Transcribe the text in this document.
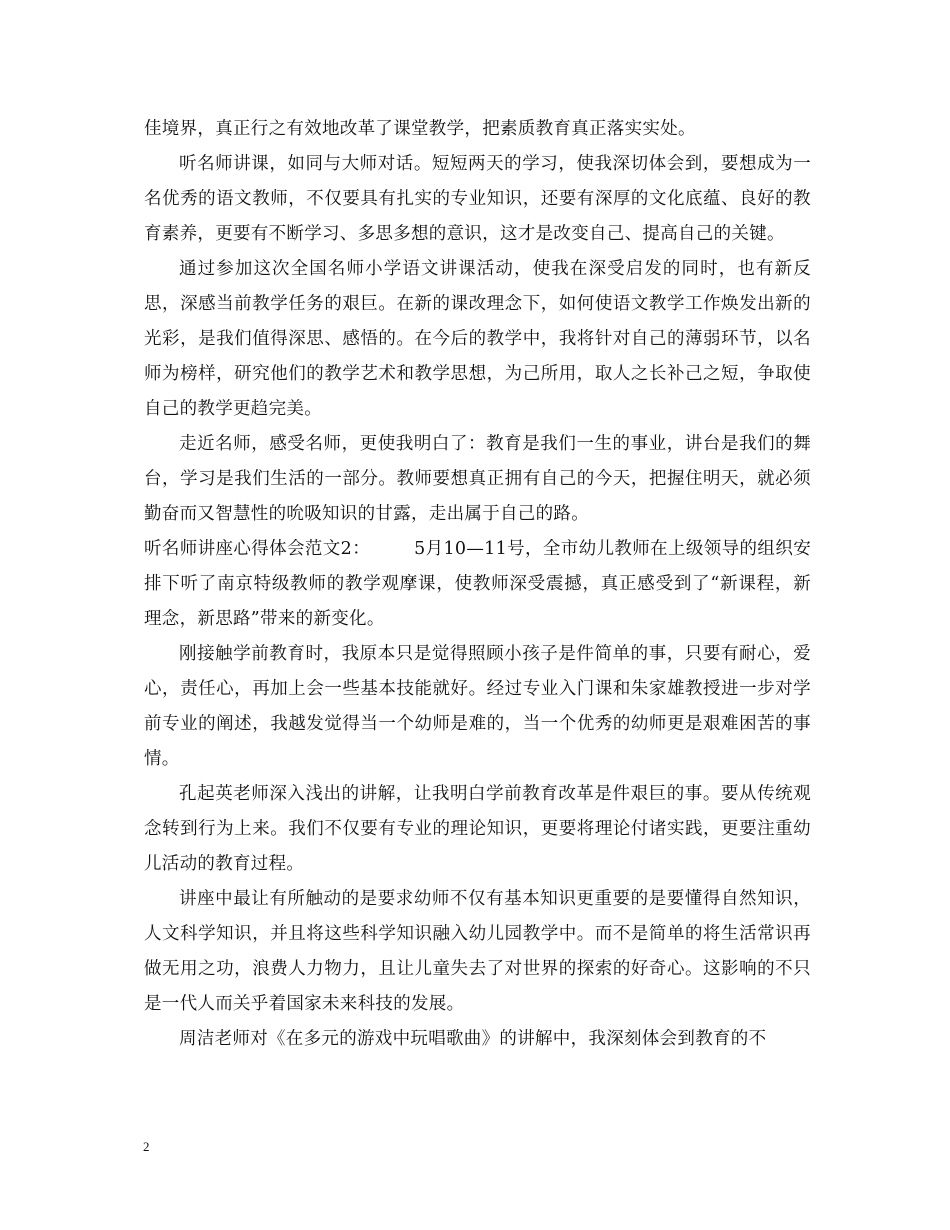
佳境界，真正行之有效地改革了课堂教学，把素质教育真正落实实处。

听名师讲课，如同与大师对话。短短两天的学习，使我深切体会到，要想成为一名优秀的语文教师，不仅要具有扎实的专业知识，还要有深厚的文化底蕴、良好的教育素养，更要有不断学习、多思多想的意识，这才是改变自己、提高自己的关键。

通过参加这次全国名师小学语文讲课活动，使我在深受启发的同时，也有新反思，深感当前教学任务的艰巨。在新的课改理念下，如何使语文教学工作焕发出新的光彩，是我们值得深思、感悟的。在今后的教学中，我将针对自己的薄弱环节，以名师为榜样，研究他们的教学艺术和教学思想，为己所用，取人之长补己之短，争取使自己的教学更趋完美。

走近名师，感受名师，更使我明白了：教育是我们一生的事业，讲台是我们的舞台，学习是我们生活的一部分。教师要想真正拥有自己的今天，把握住明天，就必须勤奋而又智慧性的吮吸知识的甘露，走出属于自己的路。

听名师讲座心得体会范文2：	5月10—11号，全市幼儿教师在上级领导的组织安排下听了南京特级教师的教学观摩课，使教师深受震撼，真正感受到了“新课程，新理念，新思路”带来的新变化。

刚接触学前教育时，我原本只是觉得照顾小孩子是件简单的事，只要有耐心，爱心，责任心，再加上会一些基本技能就好。经过专业入门课和朱家雄教授进一步对学前专业的阐述，我越发觉得当一个幼师是难的，当一个优秀的幼师更是艰难困苦的事情。

孔起英老师深入浅出的讲解，让我明白学前教育改革是件艰巨的事。要从传统观念转到行为上来。我们不仅要有专业的理论知识，更要将理论付诸实践，更要注重幼儿活动的教育过程。

讲座中最让有所触动的是要求幼师不仅有基本知识更重要的是要懂得自然知识，人文科学知识，并且将这些科学知识融入幼儿园教学中。而不是简单的将生活常识再做无用之功，浪费人力物力，且让儿童失去了对世界的探索的好奇心。这影响的不只是一代人而关乎着国家未来科技的发展。

周洁老师对《在多元的游戏中玩唱歌曲》的讲解中，我深刻体会到教育的不

2
